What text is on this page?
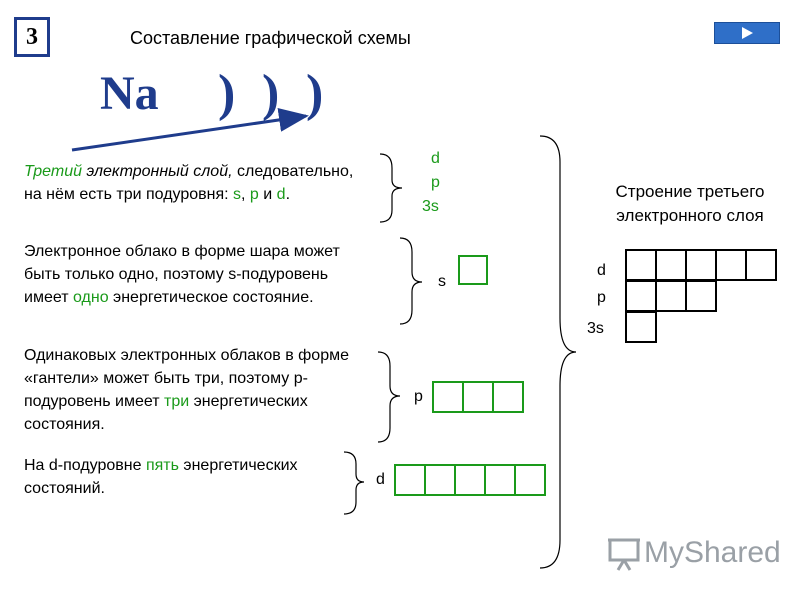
3	Составление графической схемы
Na ) ) )
Третий электронный слой, следовательно, на нём есть три подуровня: s, p и d.
Электронное облако в форме шара может быть только одно, поэтому s-подуровень имеет одно энергетическое состояние.
Одинаковых электронных облаков в форме «гантели» может быть три, поэтому p-подуровень имеет три энергетических состояния.
На d-подуровне пять энергетических состояний.
d
p
3s
s
p
d
Строение третьего
электронного слоя
d
p
3s
MyShared
